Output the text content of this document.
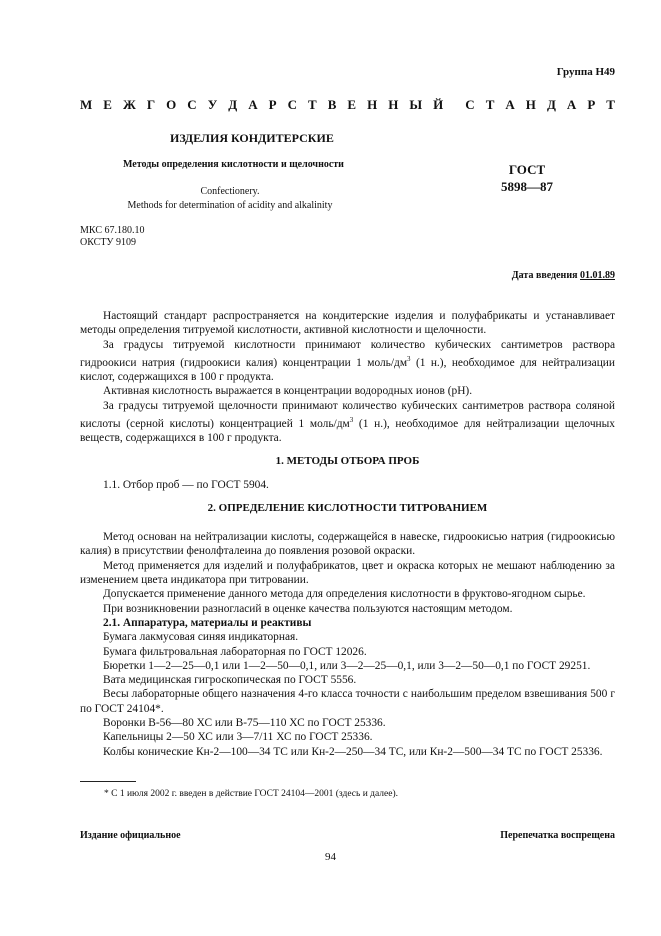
Группа Н49
М Е Ж Г О С У Д А Р С Т В Е Н Н Ы Й С Т А Н Д А Р Т
ИЗДЕЛИЯ КОНДИТЕРСКИЕ
Методы определения кислотности и щелочности	ГОСТ
5898—87
Confectionery.
Methods for determination of acidity and alkalinity
МКС 67.180.10
ОКСТУ 9109
Дата введения 01.01.89

Настоящий стандарт распространяется на кондитерские изделия и полуфабрикаты и устанавливает методы определения титруемой кислотности, активной кислотности и щелочности.

За градусы титруемой кислотности принимают количество кубических сантиметров раствора гидроокиси натрия (гидроокиси калия) концентрации 1 моль/$дм^3$ (1 н.), необходимое для нейтрализации кислот, содержащихся в 100 г продукта.

Активная кислотность выражается в концентрации водородных ионов (рН).

За градусы титруемой щелочности принимают количество кубических сантиметров раствора соляной кислоты (серной кислоты) концентрацией 1 моль/$дм^3$ (1 н.), необходимое для нейтрализации щелочных веществ, содержащихся в 100 г продукта.

1. МЕТОДЫ ОТБОРА ПРОБ

1.1. Отбор проб — по ГОСТ 5904.

2. ОПРЕДЕЛЕНИЕ КИСЛОТНОСТИ ТИТРОВАНИЕМ

Метод основан на нейтрализации кислоты, содержащейся в навеске, гидроокисью натрия (гидроокисью калия) в присутствии фенолфталеина до появления розовой окраски.

Метод применяется для изделий и полуфабрикатов, цвет и окраска которых не мешают наблюдению за изменением цвета индикатора при титровании.

Допускается применение данного метода для определения кислотности в фруктово-ягодном сырье.

При возникновении разногласий в оценке качества пользуются настоящим методом.

2.1. Аппаратура, материалы и реактивы

Бумага лакмусовая синяя индикаторная.

Бумага фильтровальная лабораторная по ГОСТ 12026.

Бюретки 1—2—25—0,1 или 1—2—50—0,1, или 3—2—25—0,1, или 3—2—50—0,1 по ГОСТ 29251.

Вата медицинская гигроскопическая по ГОСТ 5556.

Весы лабораторные общего назначения 4-го класса точности с наибольшим пределом взвешивания 500 г по ГОСТ 24104*.

Воронки В-56—80 ХС или В-75—110 ХС по ГОСТ 25336.

Капельницы 2—50 ХС или 3—7/11 ХС по ГОСТ 25336.

Колбы конические Кн-2—100—34 ТС или Кн-2—250—34 ТС, или Кн-2—500—34 ТС по ГОСТ 25336.

* С 1 июля 2002 г. введен в действие ГОСТ 24104—2001 (здесь и далее).
Издание официальное	Перепечатка воспрещена
94
